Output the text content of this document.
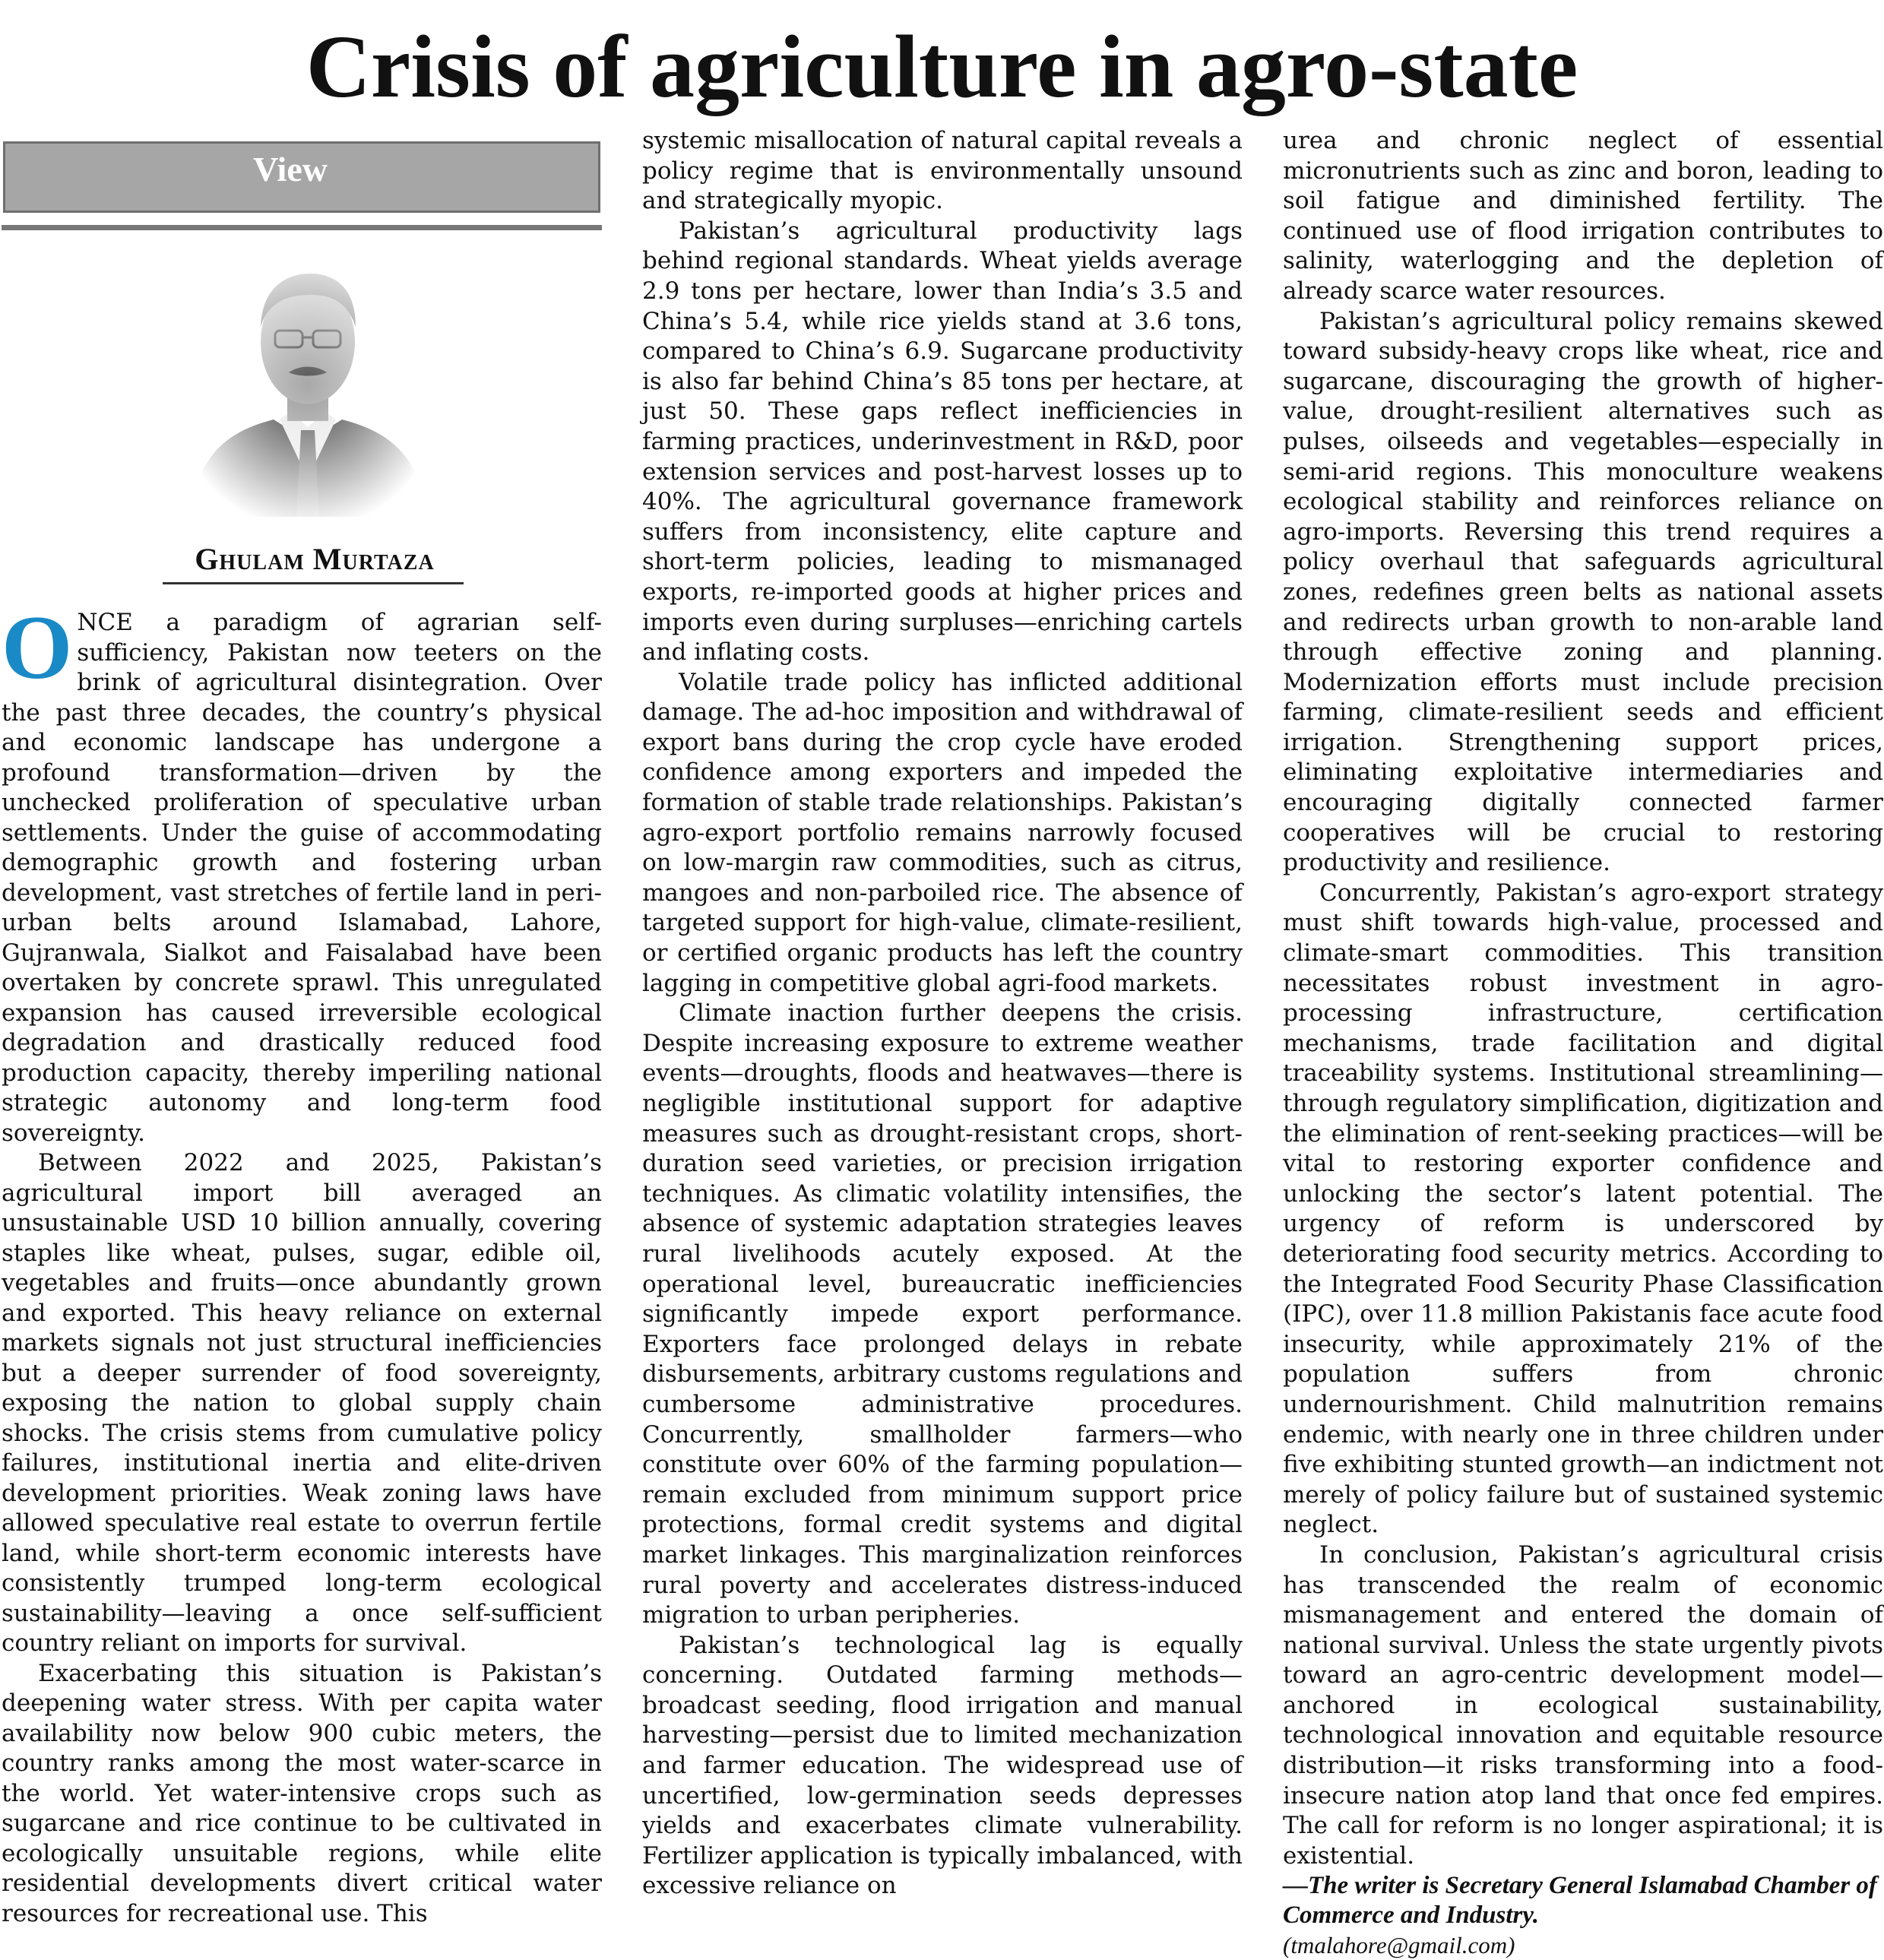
Crisis of agriculture in agro-state
View
Ghulam Murtaza

ONCE a paradigm of agrarian self-sufficiency, Pakistan now teeters on the brink of agricultural disintegration. Over the past three decades, the country’s physical and economic landscape has undergone a profound transformation—driven by the unchecked proliferation of speculative urban settlements. Under the guise of accommodating demographic growth and fostering urban development, vast stretches of fertile land in peri-urban belts around Islamabad, Lahore, Gujranwala, Sialkot and Faisalabad have been overtaken by concrete sprawl. This unregulated expansion has caused irreversible ecological degradation and drastically reduced food production capacity, thereby imperiling national strategic autonomy and long-term food sovereignty.

Between 2022 and 2025, Pakistan’s agricultural import bill averaged an unsustainable USD 10 billion annually, covering staples like wheat, pulses, sugar, edible oil, vegetables and fruits—once abundantly grown and exported. This heavy reliance on external markets signals not just structural inefficiencies but a deeper surrender of food sovereignty, exposing the nation to global supply chain shocks. The crisis stems from cumulative policy failures, institutional inertia and elite-driven development priorities. Weak zoning laws have allowed speculative real estate to overrun fertile land, while short-term economic interests have consistently trumped long-term ecological sustainability—leaving a once self-sufficient country reliant on imports for survival.

Exacerbating this situation is Pakistan’s deepening water stress. With per capita water availability now below 900 cubic meters, the country ranks among the most water-scarce in the world. Yet water-intensive crops such as sugarcane and rice continue to be cultivated in ecologically unsuitable regions, while elite residential developments divert critical water resources for recreational use. This

systemic misallocation of natural capital reveals a policy regime that is environmentally unsound and strategically myopic.

Pakistan’s agricultural productivity lags behind regional standards. Wheat yields average 2.9 tons per hectare, lower than India’s 3.5 and China’s 5.4, while rice yields stand at 3.6 tons, compared to China’s 6.9. Sugarcane productivity is also far behind China’s 85 tons per hectare, at just 50. These gaps reflect inefficiencies in farming practices, underinvestment in R&D, poor extension services and post-harvest losses up to 40%. The agricultural governance framework suffers from inconsistency, elite capture and short-term policies, leading to mismanaged exports, re-imported goods at higher prices and imports even during surpluses—enriching cartels and inflating costs.

Volatile trade policy has inflicted additional damage. The ad-hoc imposition and withdrawal of export bans during the crop cycle have eroded confidence among exporters and impeded the formation of stable trade relationships. Pakistan’s agro-export portfolio remains narrowly focused on low-margin raw commodities, such as citrus, mangoes and non-parboiled rice. The absence of targeted support for high-value, climate-resilient, or certified organic products has left the country lagging in competitive global agri-food markets.

Climate inaction further deepens the crisis. Despite increasing exposure to extreme weather events—droughts, floods and heatwaves—there is negligible institutional support for adaptive measures such as drought-resistant crops, short-duration seed varieties, or precision irrigation techniques. As climatic volatility intensifies, the absence of systemic adaptation strategies leaves rural livelihoods acutely exposed. At the operational level, bureaucratic inefficiencies significantly impede export performance. Exporters face prolonged delays in rebate disbursements, arbitrary customs regulations and cumbersome administrative procedures. Concurrently, smallholder farmers—who constitute over 60% of the farming population—remain excluded from minimum support price protections, formal credit systems and digital market linkages. This marginalization reinforces rural poverty and accelerates distress-induced migration to urban peripheries.

Pakistan’s technological lag is equally concerning. Outdated farming methods—broadcast seeding, flood irrigation and manual harvesting—persist due to limited mechanization and farmer education. The widespread use of uncertified, low-germination seeds depresses yields and exacerbates climate vulnerability. Fertilizer application is typically imbalanced, with excessive reliance on

urea and chronic neglect of essential micronutrients such as zinc and boron, leading to soil fatigue and diminished fertility. The continued use of flood irrigation contributes to salinity, waterlogging and the depletion of already scarce water resources.

Pakistan’s agricultural policy remains skewed toward subsidy-heavy crops like wheat, rice and sugarcane, discouraging the growth of higher-value, drought-resilient alternatives such as pulses, oilseeds and vegetables—especially in semi-arid regions. This monoculture weakens ecological stability and reinforces reliance on agro-imports. Reversing this trend requires a policy overhaul that safeguards agricultural zones, redefines green belts as national assets and redirects urban growth to non-arable land through effective zoning and planning. Modernization efforts must include precision farming, climate-resilient seeds and efficient irrigation. Strengthening support prices, eliminating exploitative intermediaries and encouraging digitally connected farmer cooperatives will be crucial to restoring productivity and resilience.

Concurrently, Pakistan’s agro-export strategy must shift towards high-value, processed and climate-smart commodities. This transition necessitates robust investment in agro-processing infrastructure, certification mechanisms, trade facilitation and digital traceability systems. Institutional streamlining—through regulatory simplification, digitization and the elimination of rent-seeking practices—will be vital to restoring exporter confidence and unlocking the sector’s latent potential. The urgency of reform is underscored by deteriorating food security metrics. According to the Integrated Food Security Phase Classification (IPC), over 11.8 million Pakistanis face acute food insecurity, while approximately 21% of the population suffers from chronic undernourishment. Child malnutrition remains endemic, with nearly one in three children under five exhibiting stunted growth—an indictment not merely of policy failure but of sustained systemic neglect.

In conclusion, Pakistan’s agricultural crisis has transcended the realm of economic mismanagement and entered the domain of national survival. Unless the state urgently pivots toward an agro-centric development model—anchored in ecological sustainability, technological innovation and equitable resource distribution—it risks transforming into a food-insecure nation atop land that once fed empires. The call for reform is no longer aspirational; it is existential.

—The writer is Secretary General Islamabad Chamber of Commerce and Industry.

(tmalahore@gmail.com)
